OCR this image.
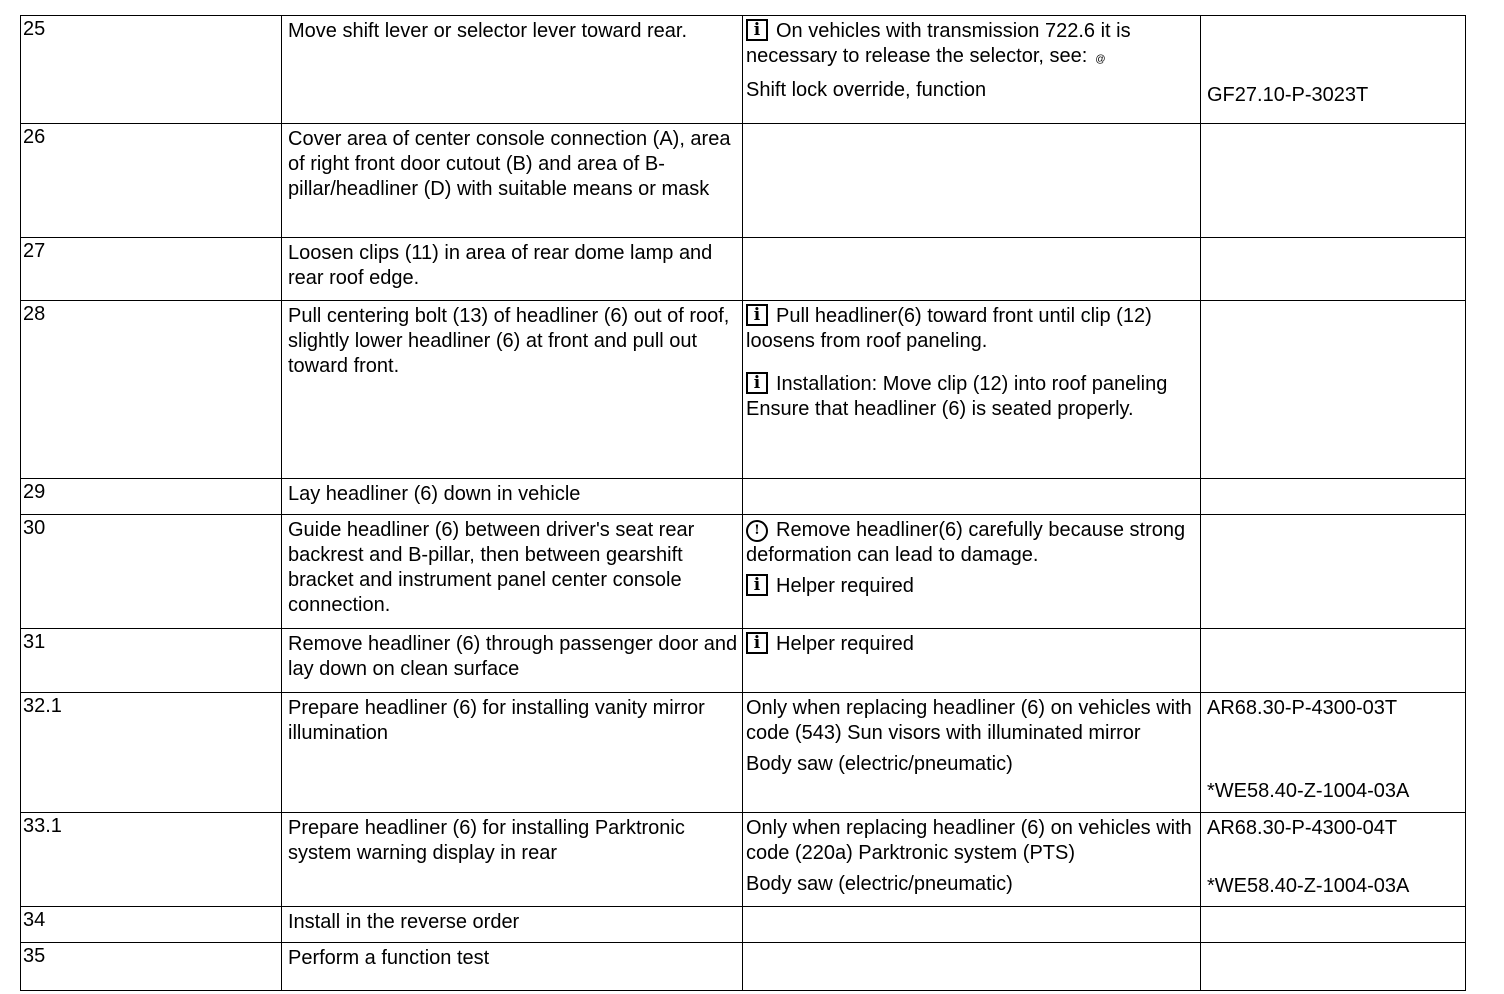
25	Move shift lever or selector lever toward rear.	i On vehicles with transmission 722.6 it is necessary to release the selector, see: @
Shift lock override, function	GF27.10-P-3023T

26	Cover area of center console connection (A), area of right front door cutout (B) and area of B-pillar/headliner (D) with suitable means or mask		
27	Loosen clips (11) in area of rear dome lamp and rear roof edge.		
28	Pull centering bolt (13) of headliner (6) out of roof, slightly lower headliner (6) at front and pull out toward front.	i Pull headliner(6) toward front until clip (12) loosens from roof paneling.
i Installation: Move clip (12) into roof paneling Ensure that headliner (6) is seated properly.	

29	Lay headliner (6) down in vehicle		
30	Guide headliner (6) between driver's seat rear backrest and B-pillar, then between gearshift bracket and instrument panel center console connection.	! Remove headliner(6) carefully because strong deformation can lead to damage.
i Helper required	

31	Remove headliner (6) through passenger door and lay down on clean surface	i Helper required	
32.1	Prepare headliner (6) for installing vanity mirror illumination	Only when replacing headliner (6) on vehicles with code (543) Sun visors with illuminated mirror
Body saw (electric/pneumatic)	AR68.30-P-4300-03T
*WE58.40-Z-1004-03A

33.1	Prepare headliner (6) for installing Parktronic system warning display in rear	Only when replacing headliner (6) on vehicles with code (220a) Parktronic system (PTS)
Body saw (electric/pneumatic)	AR68.30-P-4300-04T
*WE58.40-Z-1004-03A

34	Install in the reverse order		
35	Perform a function test		
